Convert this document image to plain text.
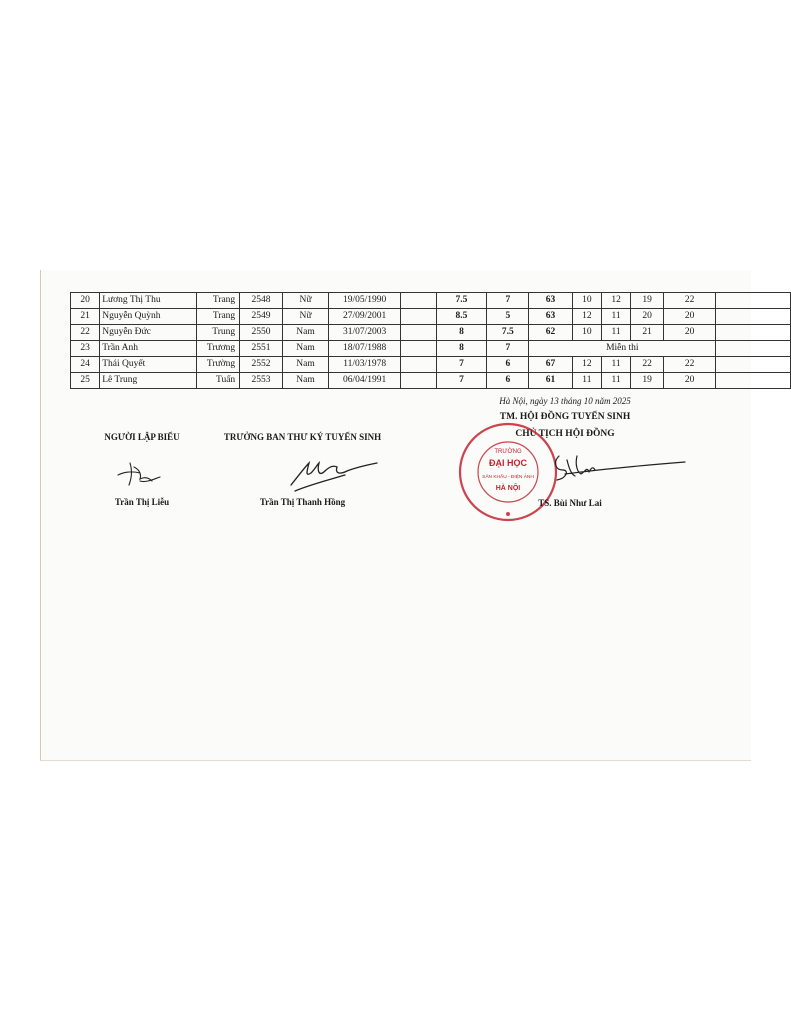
20	Lương Thị Thu	Trang	2548	Nữ	19/05/1990		7.5	7	63	10	12	19	22	
21	Nguyễn Quỳnh	Trang	2549	Nữ	27/09/2001		8.5	5	63	12	11	20	20	
22	Nguyễn Đức	Trung	2550	Nam	31/07/2003		8	7.5	62	10	11	21	20	
23	Trần Anh	Trương	2551	Nam	18/07/1988		8	7	Miễn thi					
24	Thái Quyết	Trường	2552	Nam	11/03/1978		7	6	67	12	11	22	22	
25	Lê Trung	Tuấn	2553	Nam	06/04/1991		7	6	61	11	11	19	20	
Hà Nội, ngày 13 tháng 10 năm 2025
TM. HỘI ĐỒNG TUYỂN SINH
CHỦ TỊCH HỘI ĐỒNG
NGƯỜI LẬP BIỂU	TRƯỞNG BAN THƯ KÝ TUYỂN SINH
TRƯỜNG
ĐẠI HỌC
SÂN KHẤU - ĐIỆN ẢNH
HÀ NỘI
Trần Thị Liễu	Trần Thị Thanh Hồng	TS. Bùi Như Lai
